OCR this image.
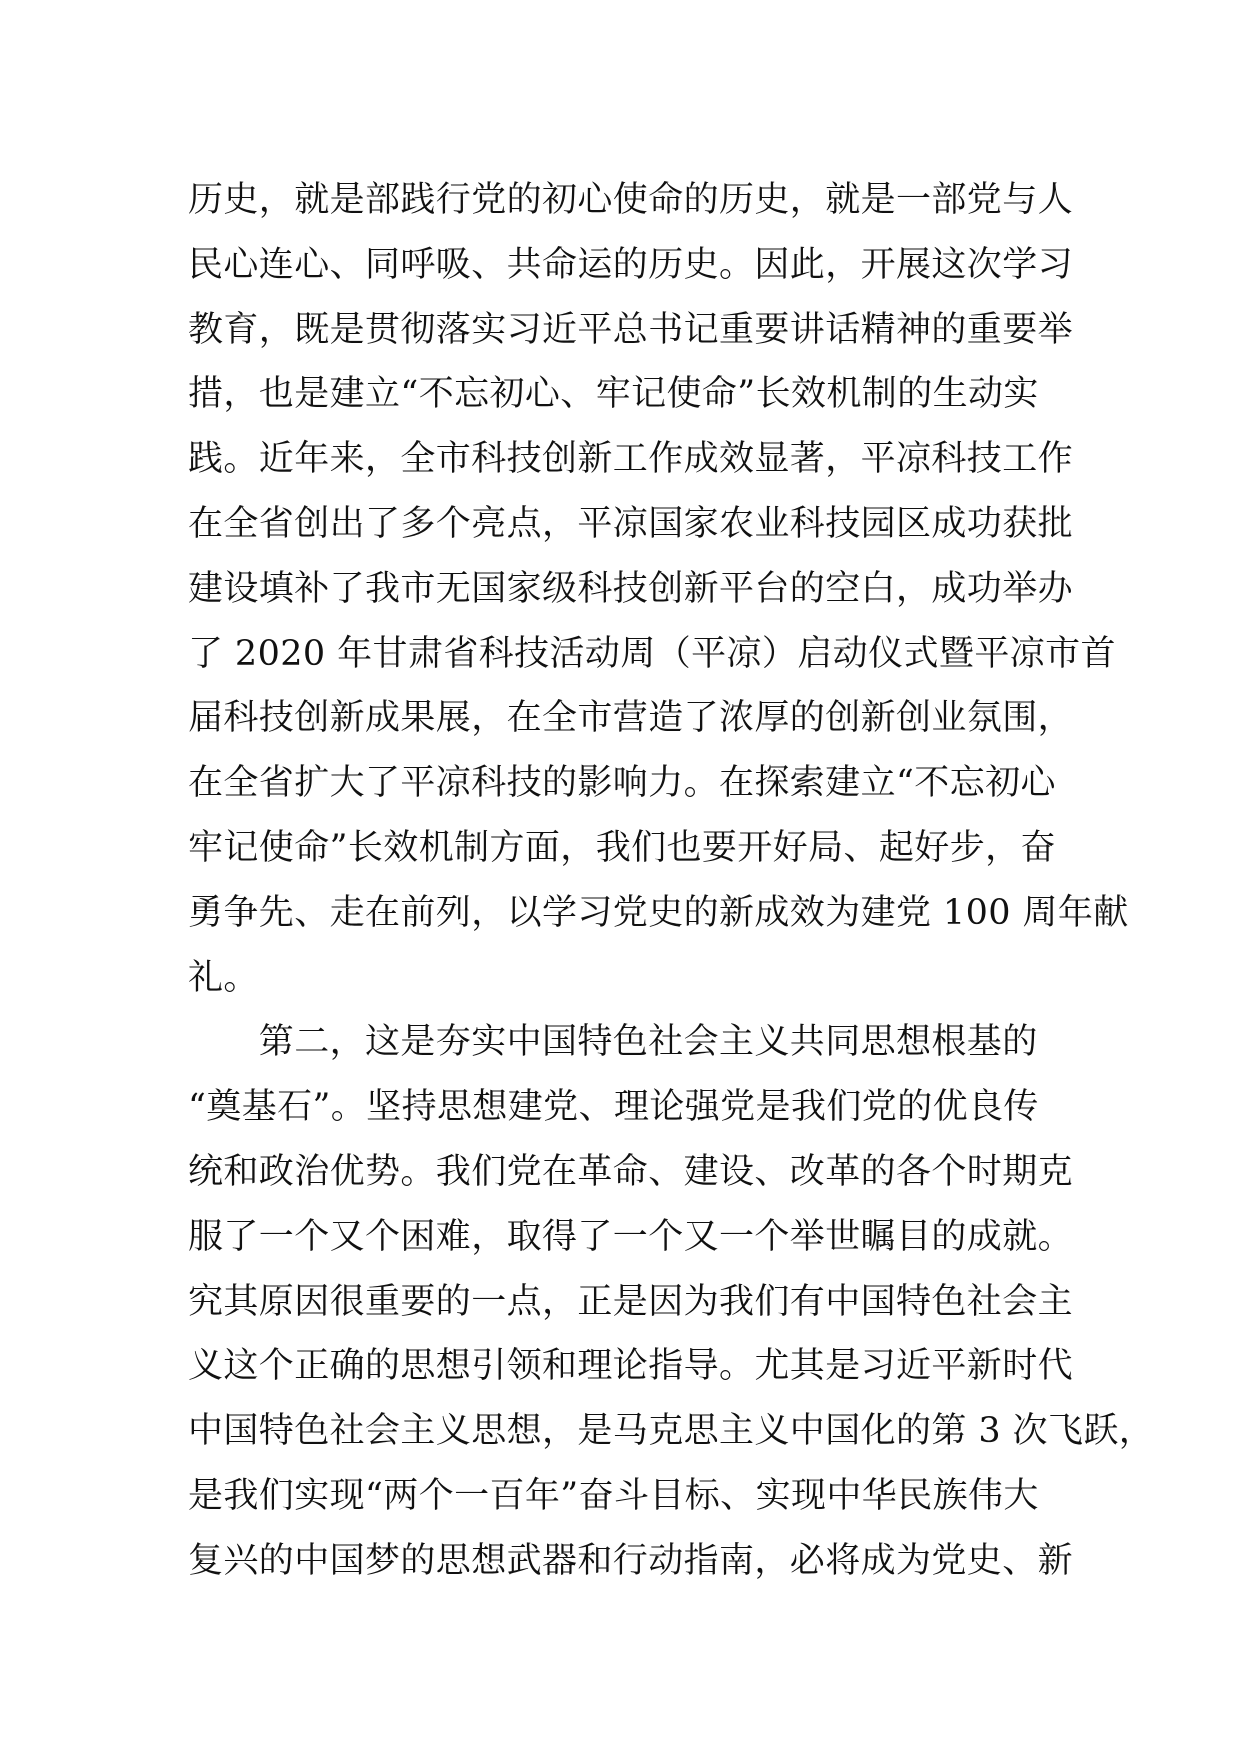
历史，就是部践行党的初心使命的历史，就是一部党与人
民心连心、同呼吸、共命运的历史。因此，开展这次学习
教育，既是贯彻落实习近平总书记重要讲话精神的重要举
措，也是建立“不忘初心、牢记使命”长效机制的生动实
践。近年来，全市科技创新工作成效显著，平凉科技工作
在全省创出了多个亮点，平凉国家农业科技园区成功获批
建设填补了我市无国家级科技创新平台的空白，成功举办
了 2020 年甘肃省科技活动周（平凉）启动仪式暨平凉市首
届科技创新成果展，在全市营造了浓厚的创新创业氛围，
在全省扩大了平凉科技的影响力。在探索建立“不忘初心
牢记使命”长效机制方面，我们也要开好局、起好步，奋
勇争先、走在前列，以学习党史的新成效为建党 100 周年献
礼。
　　第二，这是夯实中国特色社会主义共同思想根基的
“奠基石”。坚持思想建党、理论强党是我们党的优良传
统和政治优势。我们党在革命、建设、改革的各个时期克
服了一个又个困难，取得了一个又一个举世瞩目的成就。
究其原因很重要的一点，正是因为我们有中国特色社会主
义这个正确的思想引领和理论指导。尤其是习近平新时代
中国特色社会主义思想，是马克思主义中国化的第 3 次飞跃，
是我们实现“两个一百年”奋斗目标、实现中华民族伟大
复兴的中国梦的思想武器和行动指南，必将成为党史、新
